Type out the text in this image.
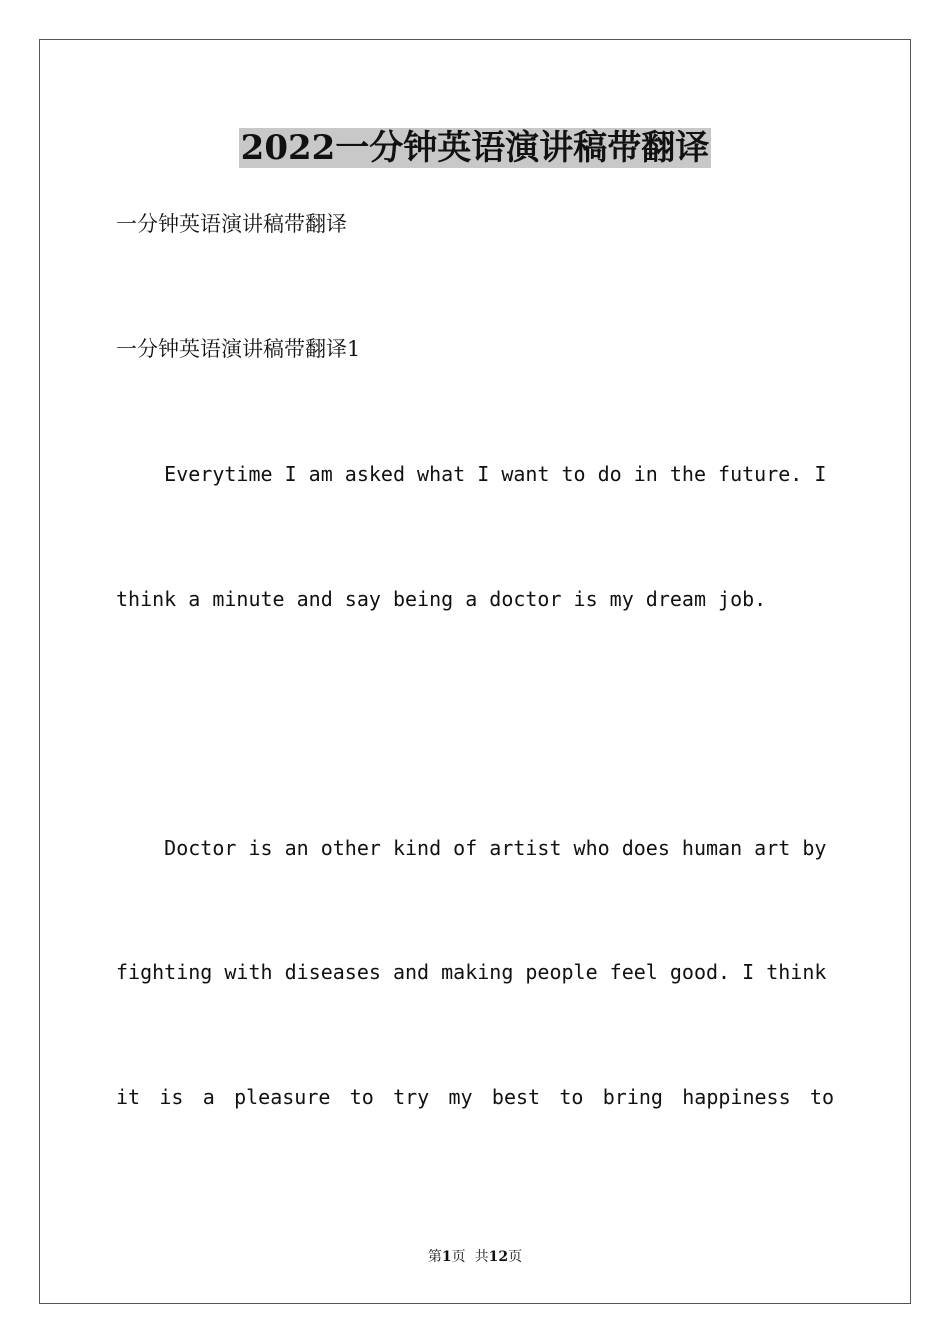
2022一分钟英语演讲稿带翻译
一分钟英语演讲稿带翻译
一分钟英语演讲稿带翻译1
Everytime I am asked what I want to do in the future. I
think a minute and say being a doctor is my dream job.
Doctor is an other kind of artist who does human art by
fighting with diseases and making people feel good. I think
it is a pleasure to try my best to bring happiness to
第1页  共12页
